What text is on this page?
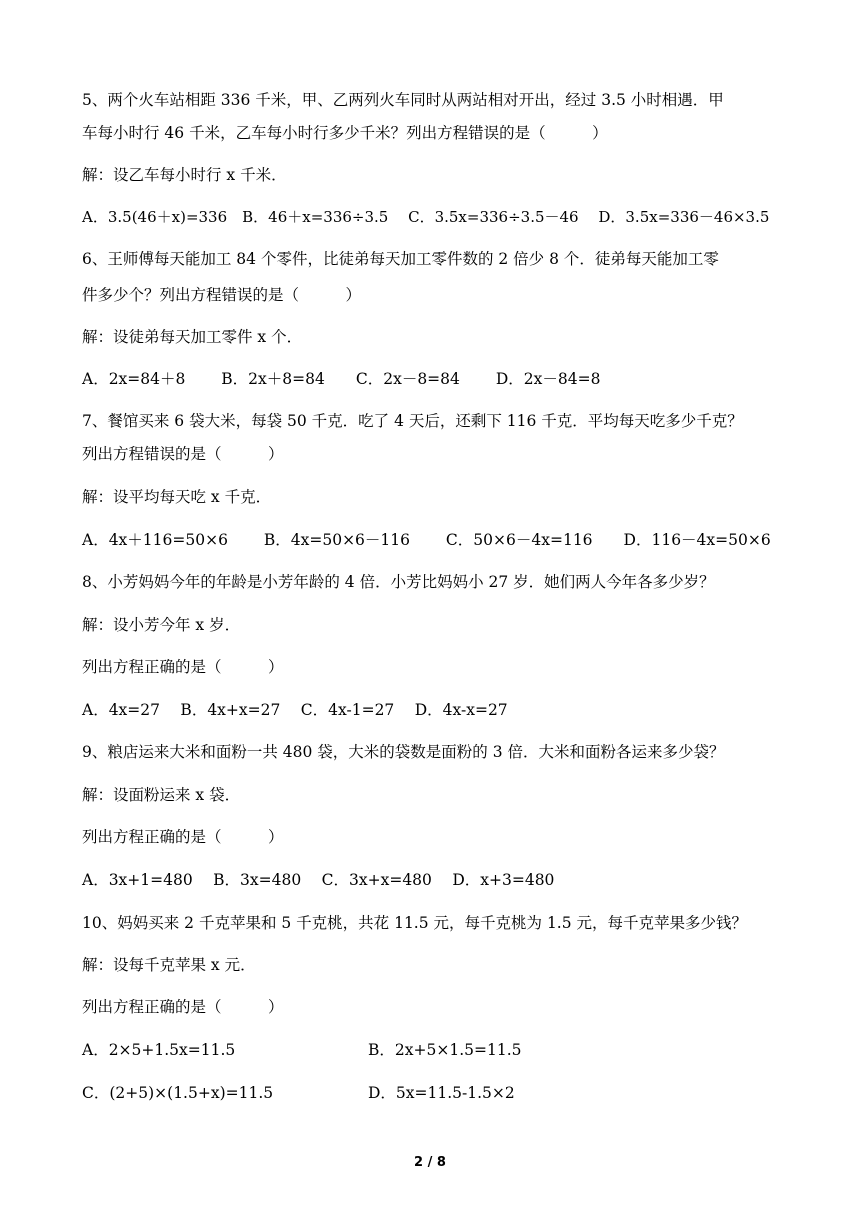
5、两个火车站相距 336 千米，甲、乙两列火车同时从两站相对开出，经过 3.5 小时相遇．甲
车每小时行 46 千米，乙车每小时行多少千米？列出方程错误的是（　　　）
解：设乙车每小时行 x 千米．
A．3.5(46＋x)=336　B．46＋x=336÷3.5　 C．3.5x=336÷3.5－46　 D．3.5x=336－46×3.5
6、王师傅每天能加工 84 个零件，比徒弟每天加工零件数的 2 倍少 8 个．徒弟每天能加工零
件多少个？列出方程错误的是（　　　）
解：设徒弟每天加工零件 x 个．
A．2x=84＋8　　 B．2x＋8=84　　C．2x－8=84　　 D．2x－84=8
7、餐馆买来 6 袋大米，每袋 50 千克．吃了 4 天后，还剩下 116 千克．平均每天吃多少千克？
列出方程错误的是（　　　）
解：设平均每天吃 x 千克．
A．4x＋116=50×6　　 B．4x=50×6－116　　 C．50×6－4x=116　　D．116－4x=50×6
8、小芳妈妈今年的年龄是小芳年龄的 4 倍．小芳比妈妈小 27 岁．她们两人今年各多少岁？
解：设小芳今年 x 岁．
列出方程正确的是（　　　）
A．4x=27　 B．4x+x=27　 C．4x-1=27　 D．4x-x=27
9、粮店运来大米和面粉一共 480 袋，大米的袋数是面粉的 3 倍．大米和面粉各运来多少袋？
解：设面粉运来 x 袋．
列出方程正确的是（　　　）
A．3x+1=480　 B．3x=480　 C．3x+x=480　 D．x+3=480
10、妈妈买来 2 千克苹果和 5 千克桃，共花 11.5 元，每千克桃为 1.5 元，每千克苹果多少钱？
解：设每千克苹果 x 元．
列出方程正确的是（　　　）
A．2×5+1.5x=11.5	B．2x+5×1.5=11.5
C．(2+5)×(1.5+x)=11.5	D．5x=11.5-1.5×2
2 / 8
